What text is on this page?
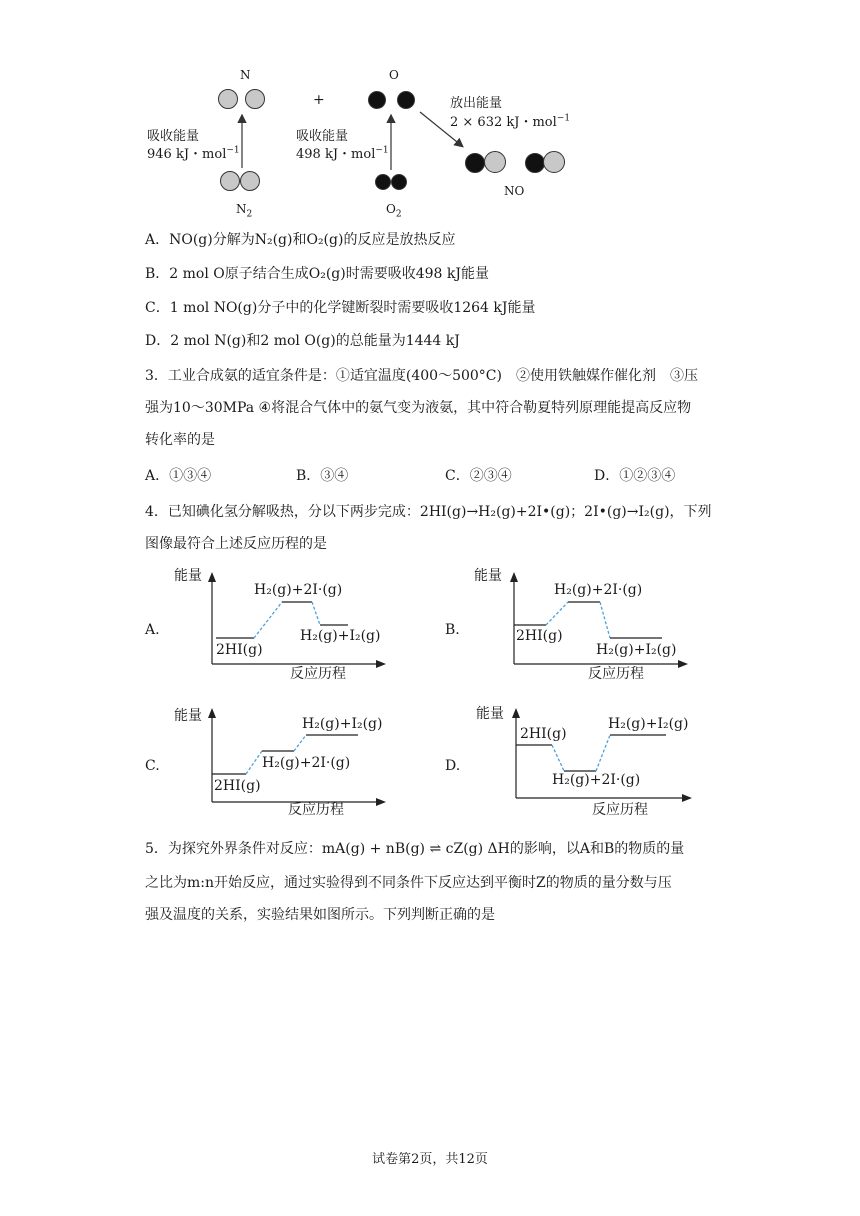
N
+
O
$N_2$	$O_2$
NO
吸收能量
946 kJ・mol$^{-1}$
吸收能量
498 kJ・mol$^{-1}$
放出能量
2 × 632 kJ・mol$^{-1}$
A．NO(g)分解为N₂(g)和O₂(g)的反应是放热反应
B．2 mol O原子结合生成O₂(g)时需要吸收498 kJ能量
C．1 mol NO(g)分子中的化学键断裂时需要吸收1264 kJ能量
D．2 mol N(g)和2 mol O(g)的总能量为1444 kJ
3．工业合成氨的适宜条件是：①适宜温度(400～500°C)　②使用铁触媒作催化剂　③压
强为10～30MPa ④将混合气体中的氨气变为液氨，其中符合勒夏特列原理能提高反应物
转化率的是
A．①③④	B．③④	C．②③④	D．①②③④
4．已知碘化氢分解吸热，分以下两步完成：2HI(g)→H₂(g)+2I•(g)；2I•(g)→I₂(g)，下列
图像最符合上述反应历程的是
A.
能量
反应历程
2HI(g)
H₂(g)+2I·(g)
H₂(g)+I₂(g)	B.
能量
反应历程
2HI(g)
H₂(g)+2I·(g)
H₂(g)+I₂(g)
C.
能量
反应历程
2HI(g)
H₂(g)+2I·(g)
H₂(g)+I₂(g)
D.
能量
反应历程
2HI(g)
H₂(g)+2I·(g)
H₂(g)+I₂(g)
5．为探究外界条件对反应：mA(g) + nB(g) ⇌ cZ(g) ΔH的影响，以A和B的物质的量
之比为m:n开始反应，通过实验得到不同条件下反应达到平衡时Z的物质的量分数与压
强及温度的关系，实验结果如图所示。下列判断正确的是
试卷第2页，共12页
